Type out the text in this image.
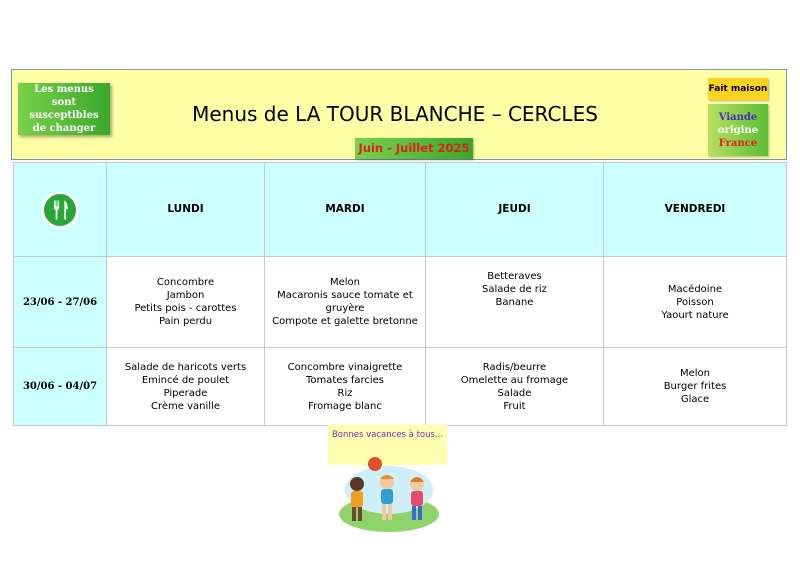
Les menus sont
susceptibles
de changer
Menus de LA TOUR BLANCHE – CERCLES
Juin - Juillet 2025
Fait maison
Viande
origine
France
	LUNDI	MARDI	JEUDI	VENDREDI
23/06 - 27/06	Concombre
Jambon
Petits pois - carottes
Pain perdu	Melon
Macaronis sauce tomate et
gruyère
Compote et galette bretonne	Betteraves
Salade de riz
Banane	Macédoine
Poisson
Yaourt nature

30/06 - 04/07	Salade de haricots verts
Emincé de poulet
Piperade
Crème vanille	Concombre vinaigrette
Tomates farcies
Riz
Fromage blanc	Radis/beurre
Omelette au fromage
Salade
Fruit	Melon
Burger frites
Glace
Bonnes vacances à tous...
